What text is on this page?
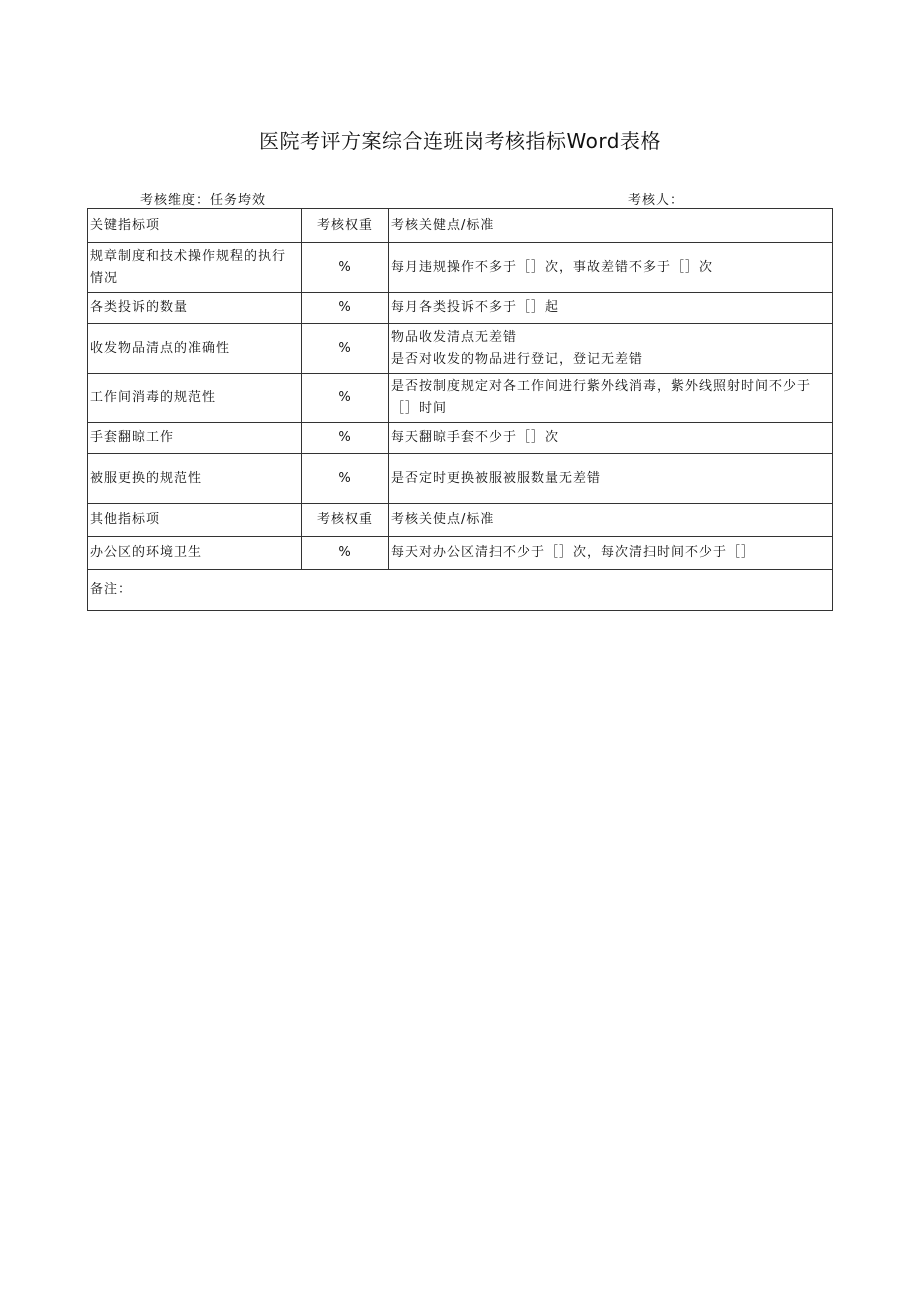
医院考评方案综合连班岗考核指标Word表格
考核维度：任务垮效	考核人：
关键指标项	考核权重	考核关健点/标准
规章制度和技术操作规程的执行情况	%	每月违规操作不多于［］次，事故差错不多于［］次

各类投诉的数量	%	每月各类投诉不多于［］起

收发物品清点的准确性	%	物品收发清点无差错
是否对收发的物品进行登记，登记无差错

工作间消毒的规范性	%	是否按制度规定对各工作间进行紫外线消毒，紫外线照射时间不少于［］时间

手套翻晾工作	%	每天翻晾手套不少于［］次

被服更换的规范性	%	是否定时更换被服被服数量无差错

其他指标项	考核权重	考核关使点/标准
办公区的环境卫生	%	每天对办公区清扫不少于［］次，每次清扫时间不少于［］

备注：		
